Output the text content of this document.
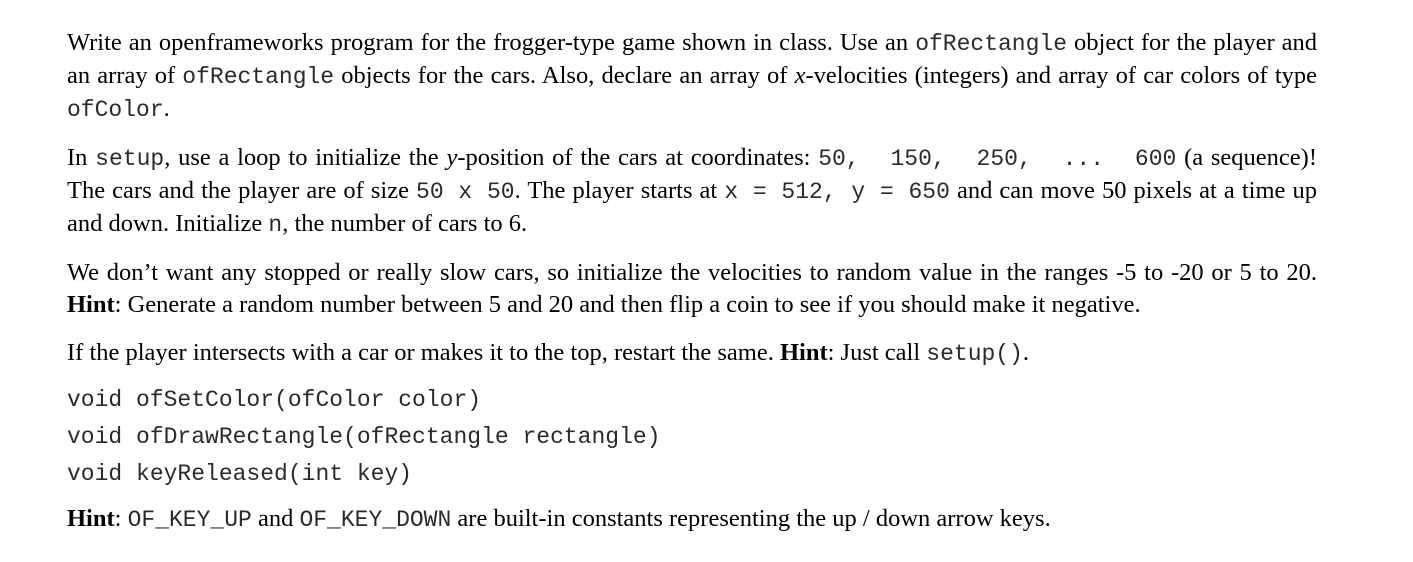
Write an openframeworks program for the frogger-type game shown in class. Use an ofRectangle object for the player and an array of ofRectangle objects for the cars. Also, declare an array of x-velocities (integers) and array of car colors of type ofColor.

In setup, use a loop to initialize the y-position of the cars at coordinates: 50,  150,  250,  ...  600 (a sequence)! The cars and the player are of size 50 x 50. The player starts at x = 512, y = 650 and can move 50 pixels at a time up and down. Initialize n, the number of cars to 6.

We don’t want any stopped or really slow cars, so initialize the velocities to random value in the ranges -5 to -20 or 5 to 20. Hint: Generate a random number between 5 and 20 and then flip a coin to see if you should make it negative.

If the player intersects with a car or makes it to the top, restart the same. Hint: Just call setup().

void ofSetColor(ofColor color)

void ofDrawRectangle(ofRectangle rectangle)

void keyReleased(int key)

Hint: OF_KEY_UP and OF_KEY_DOWN are built-in constants representing the up / down arrow keys.
